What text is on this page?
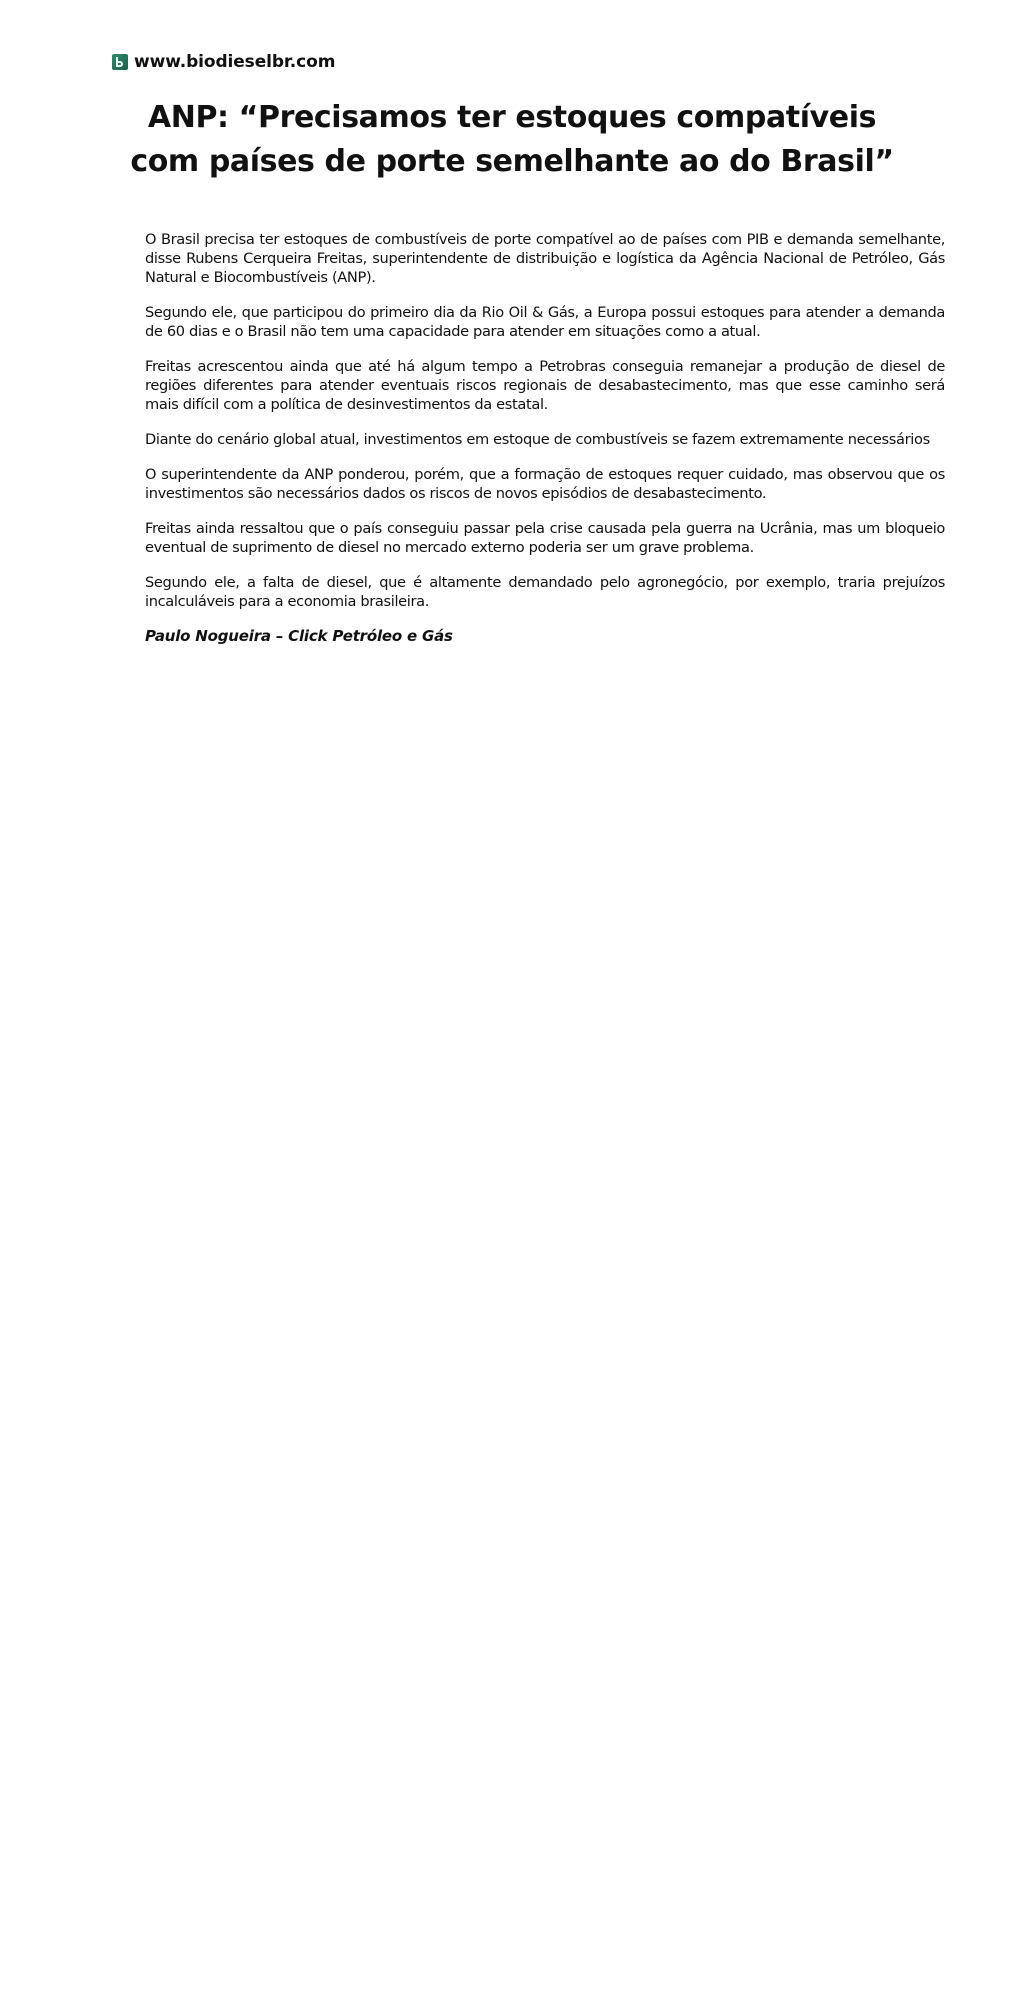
www.biodieselbr.com
ANP: “Precisamos ter estoques compatíveis com países de porte semelhante ao do Brasil”

O Brasil precisa ter estoques de combustíveis de porte compatível ao de países com PIB e demanda semelhante, disse Rubens Cerqueira Freitas, superintendente de distribuição e logística da Agência Nacional de Petróleo, Gás Natural e Biocombustíveis (ANP).

Segundo ele, que participou do primeiro dia da Rio Oil & Gás, a Europa possui estoques para atender a demanda de 60 dias e o Brasil não tem uma capacidade para atender em situações como a atual.

Freitas acrescentou ainda que até há algum tempo a Petrobras conseguia remanejar a produção de diesel de regiões diferentes para atender eventuais riscos regionais de desabastecimento, mas que esse caminho será mais difícil com a política de desinvestimentos da estatal.

Diante do cenário global atual, investimentos em estoque de combustíveis se fazem extremamente necessários

O superintendente da ANP ponderou, porém, que a formação de estoques requer cuidado, mas observou que os investimentos são necessários dados os riscos de novos episódios de desabastecimento.

Freitas ainda ressaltou que o país conseguiu passar pela crise causada pela guerra na Ucrânia, mas um bloqueio eventual de suprimento de diesel no mercado externo poderia ser um grave problema.

Segundo ele, a falta de diesel, que é altamente demandado pelo agronegócio, por exemplo, traria prejuízos incalculáveis para a economia brasileira.

Paulo Nogueira – Click Petróleo e Gás
